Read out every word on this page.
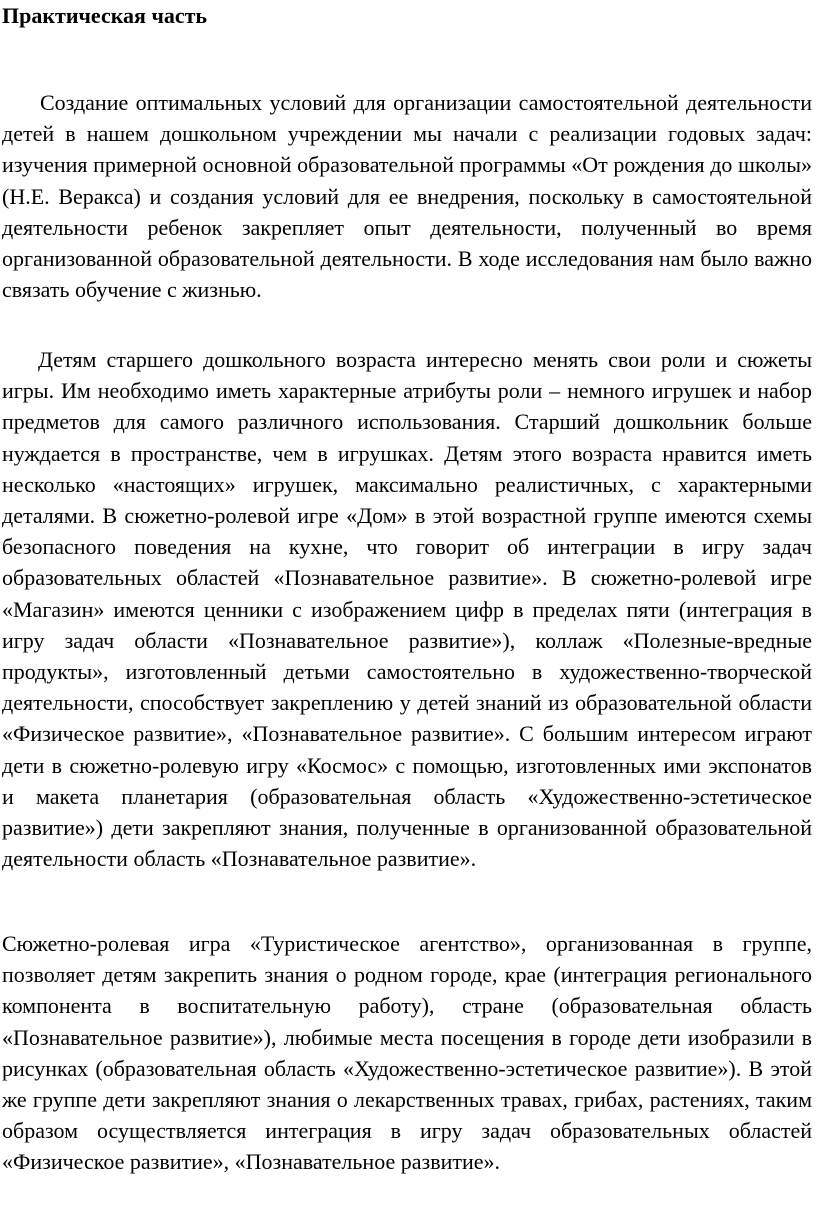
Практическая часть

Создание оптимальных условий для организации самостоятельной деятельности детей в нашем дошкольном учреждении мы начали с реализации годовых задач: изучения примерной основной образовательной программы «От рождения до школы» (Н.Е. Веракса) и создания условий для ее внедрения, поскольку в самостоятельной деятельности ребенок закрепляет опыт деятельности, полученный во время организованной образовательной деятельности. В ходе исследования нам было важно связать обучение с жизнью.

Детям старшего дошкольного возраста интересно менять свои роли и сюжеты игры. Им необходимо иметь характерные атрибуты роли – немного игрушек и набор предметов для самого различного использования. Старший дошкольник больше нуждается в пространстве, чем в игрушках. Детям этого возраста нравится иметь несколько «настоящих» игрушек, максимально реалистичных, с характерными деталями. В сюжетно-ролевой игре «Дом» в этой возрастной группе имеются схемы безопасного поведения на кухне, что говорит об интеграции в игру задач образовательных областей «Познавательное развитие». В сюжетно-ролевой игре «Магазин» имеются ценники с изображением цифр в пределах пяти (интеграция в игру задач области «Познавательное развитие»), коллаж «Полезные-вредные продукты», изготовленный детьми самостоятельно в художественно-творческой деятельности, способствует закреплению у детей знаний из образовательной области «Физическое развитие», «Познавательное развитие». С большим интересом играют дети в сюжетно-ролевую игру «Космос» с помощью, изготовленных ими экспонатов и макета планетария (образовательная область «Художественно-эстетическое развитие») дети закрепляют знания, полученные в организованной образовательной деятельности область «Познавательное развитие».

Сюжетно-ролевая игра «Туристическое агентство», организованная в группе, позволяет детям закрепить знания о родном городе, крае (интеграция регионального компонента в воспитательную работу), стране (образовательная область «Познавательное развитие»), любимые места посещения в городе дети изобразили в рисунках (образовательная область «Художественно-эстетическое развитие»). В этой же группе дети закрепляют знания о лекарственных травах, грибах, растениях, таким образом осуществляется интеграция в игру задач образовательных областей «Физическое развитие», «Познавательное развитие».
